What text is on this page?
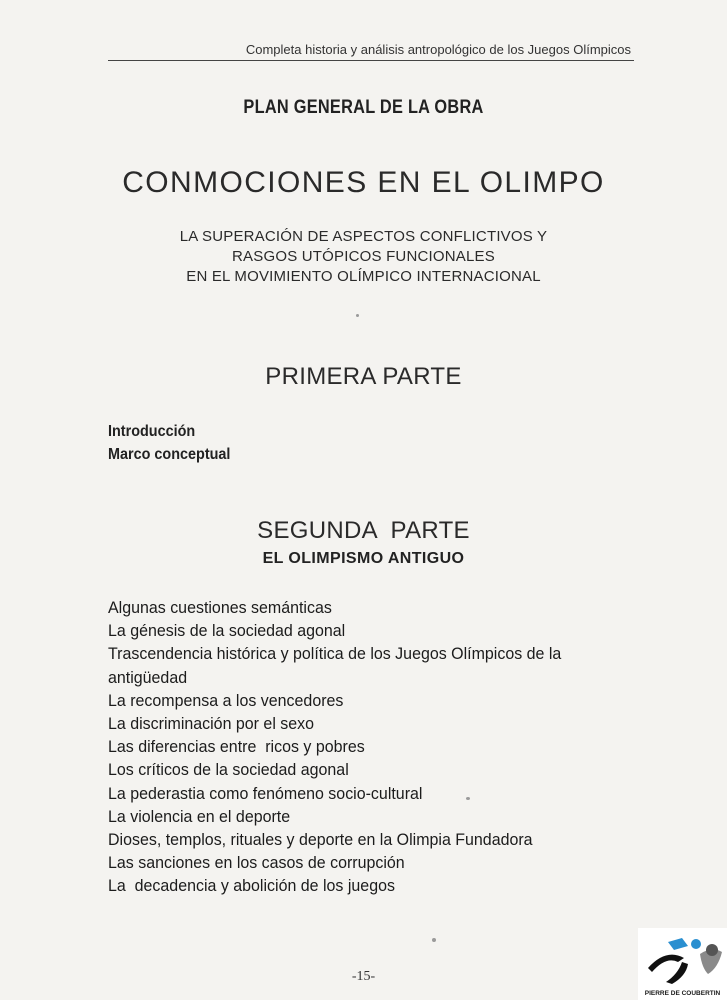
Completa historia y análisis antropológico de los Juegos Olímpicos
PLAN GENERAL DE LA OBRA
CONMOCIONES EN EL OLIMPO
LA SUPERACIÓN DE ASPECTOS CONFLICTIVOS Y
RASGOS UTÓPICOS FUNCIONALES
EN EL MOVIMIENTO OLÍMPICO INTERNACIONAL
PRIMERA PARTE
Introducción
Marco conceptual
SEGUNDA  PARTE
EL OLIMPISMO ANTIGUO
Algunas cuestiones semánticas
La génesis de la sociedad agonal
Trascendencia histórica y política de los Juegos Olímpicos de la
antigüedad
La recompensa a los vencedores
La discriminación por el sexo
Las diferencias entre  ricos y pobres
Los críticos de la sociedad agonal
La pederastia como fenómeno socio-cultural
La violencia en el deporte
Dioses, templos, rituales y deporte en la Olimpia Fundadora
Las sanciones en los casos de corrupción
La  decadencia y abolición de los juegos
-15-
PIERRE DE COUBERTIN
